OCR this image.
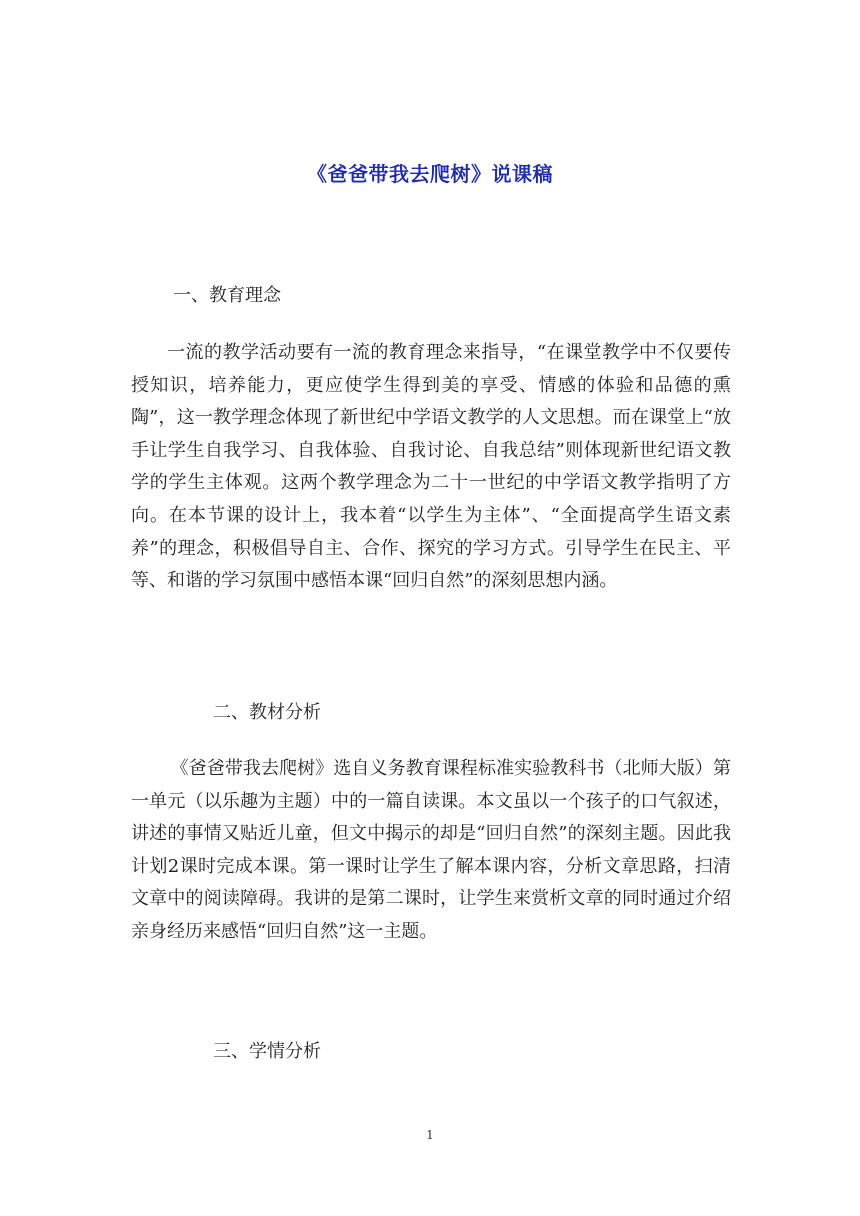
《爸爸带我去爬树》说课稿
一、教育理念

一流的教学活动要有一流的教育理念来指导，“在课堂教学中不仅要传授知识，培养能力，更应使学生得到美的享受、情感的体验和品德的熏陶”，这一教学理念体现了新世纪中学语文教学的人文思想。而在课堂上“放手让学生自我学习、自我体验、自我讨论、自我总结”则体现新世纪语文教学的学生主体观。这两个教学理念为二十一世纪的中学语文教学指明了方向。在本节课的设计上，我本着“以学生为主体”、“全面提高学生语文素养”的理念，积极倡导自主、合作、探究的学习方式。引导学生在民主、平等、和谐的学习氛围中感悟本课“回归自然”的深刻思想内涵。

二、教材分析

《爸爸带我去爬树》选自义务教育课程标准实验教科书（北师大版）第一单元（以乐趣为主题）中的一篇自读课。本文虽以一个孩子的口气叙述，讲述的事情又贴近儿童，但文中揭示的却是“回归自然”的深刻主题。因此我计划2课时完成本课。第一课时让学生了解本课内容，分析文章思路，扫清文章中的阅读障碍。我讲的是第二课时，让学生来赏析文章的同时通过介绍亲身经历来感悟“回归自然”这一主题。

三、学情分析
1
